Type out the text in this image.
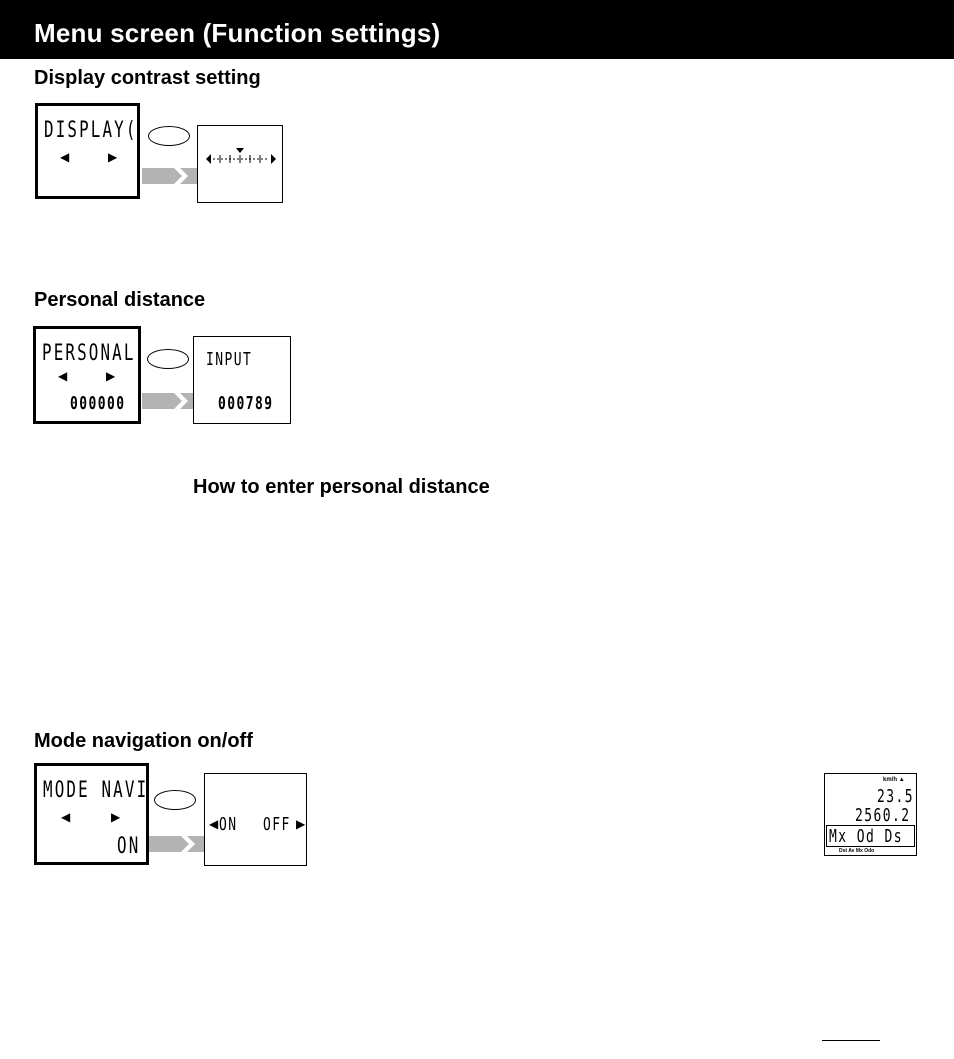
Menu screen (Function settings)
Display contrast setting
DISPLAY(
◀	▶
Personal distance
PERSONAL
◀	▶
000000
INPUT
000789
How to enter personal distance
Mode navigation on/off
MODE NAVI
◀	▶
ON
◀ ON OFF ▶
km/h ▲
23.5
2560.2
Mx Od Ds
Dst Av Mx Odo
